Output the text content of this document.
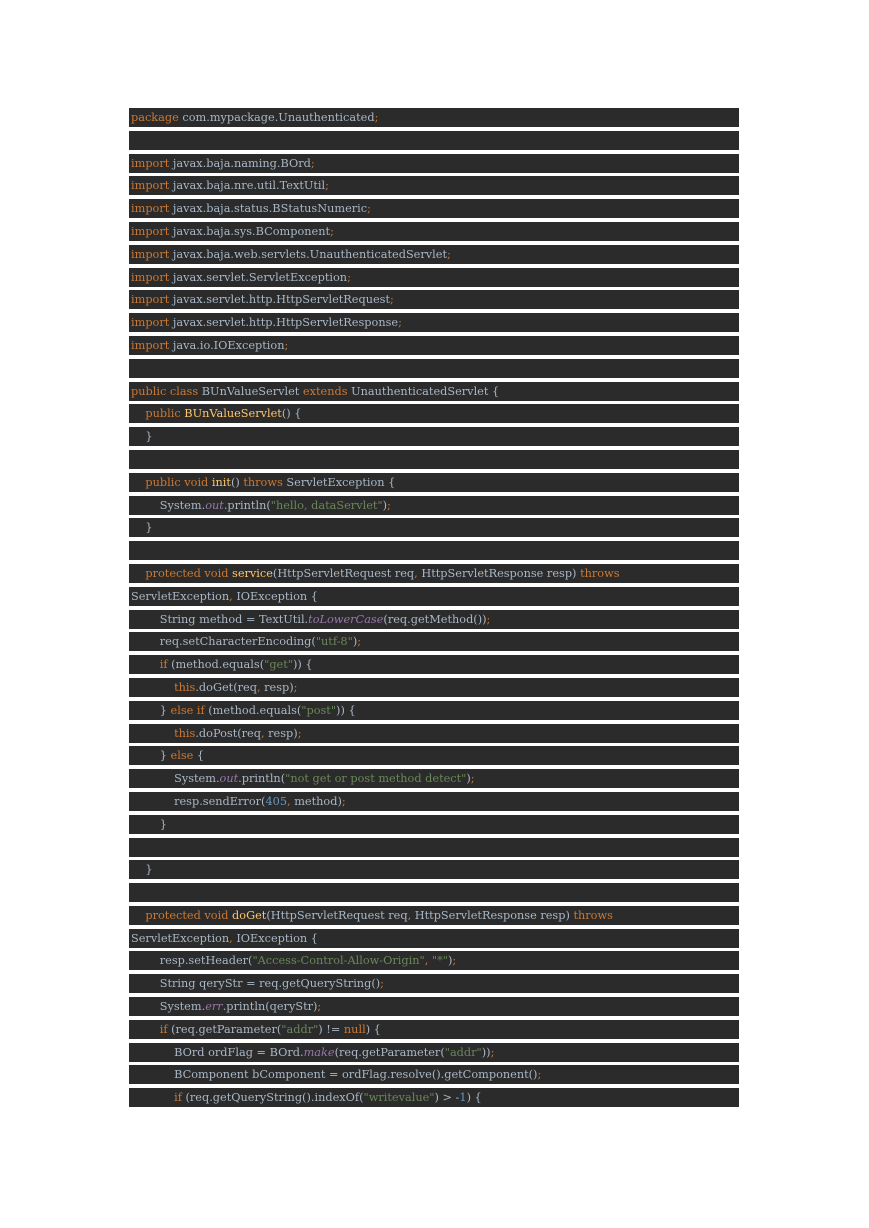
package com.mypackage.Unauthenticated;
import javax.baja.naming.BOrd;
import javax.baja.nre.util.TextUtil;
import javax.baja.status.BStatusNumeric;
import javax.baja.sys.BComponent;
import javax.baja.web.servlets.UnauthenticatedServlet;
import javax.servlet.ServletException;
import javax.servlet.http.HttpServletRequest;
import javax.servlet.http.HttpServletResponse;
import java.io.IOException;
public class BUnValueServlet extends UnauthenticatedServlet {
public BUnValueServlet() {
}
public void init() throws ServletException {
System.out.println("hello, dataServlet");
}
protected void service(HttpServletRequest req, HttpServletResponse resp) throws
ServletException, IOException {
String method = TextUtil.toLowerCase(req.getMethod());
req.setCharacterEncoding("utf-8");
if (method.equals("get")) {
this.doGet(req, resp);
} else if (method.equals("post")) {
this.doPost(req, resp);
} else {
System.out.println("not get or post method detect");
resp.sendError(405, method);
}
}
protected void doGet(HttpServletRequest req, HttpServletResponse resp) throws
ServletException, IOException {
resp.setHeader("Access-Control-Allow-Origin", "*");
String qeryStr = req.getQueryString();
System.err.println(qeryStr);
if (req.getParameter("addr") != null) {
BOrd ordFlag = BOrd.make(req.getParameter("addr"));
BComponent bComponent = ordFlag.resolve().getComponent();
if (req.getQueryString().indexOf("writevalue") > -1) {
